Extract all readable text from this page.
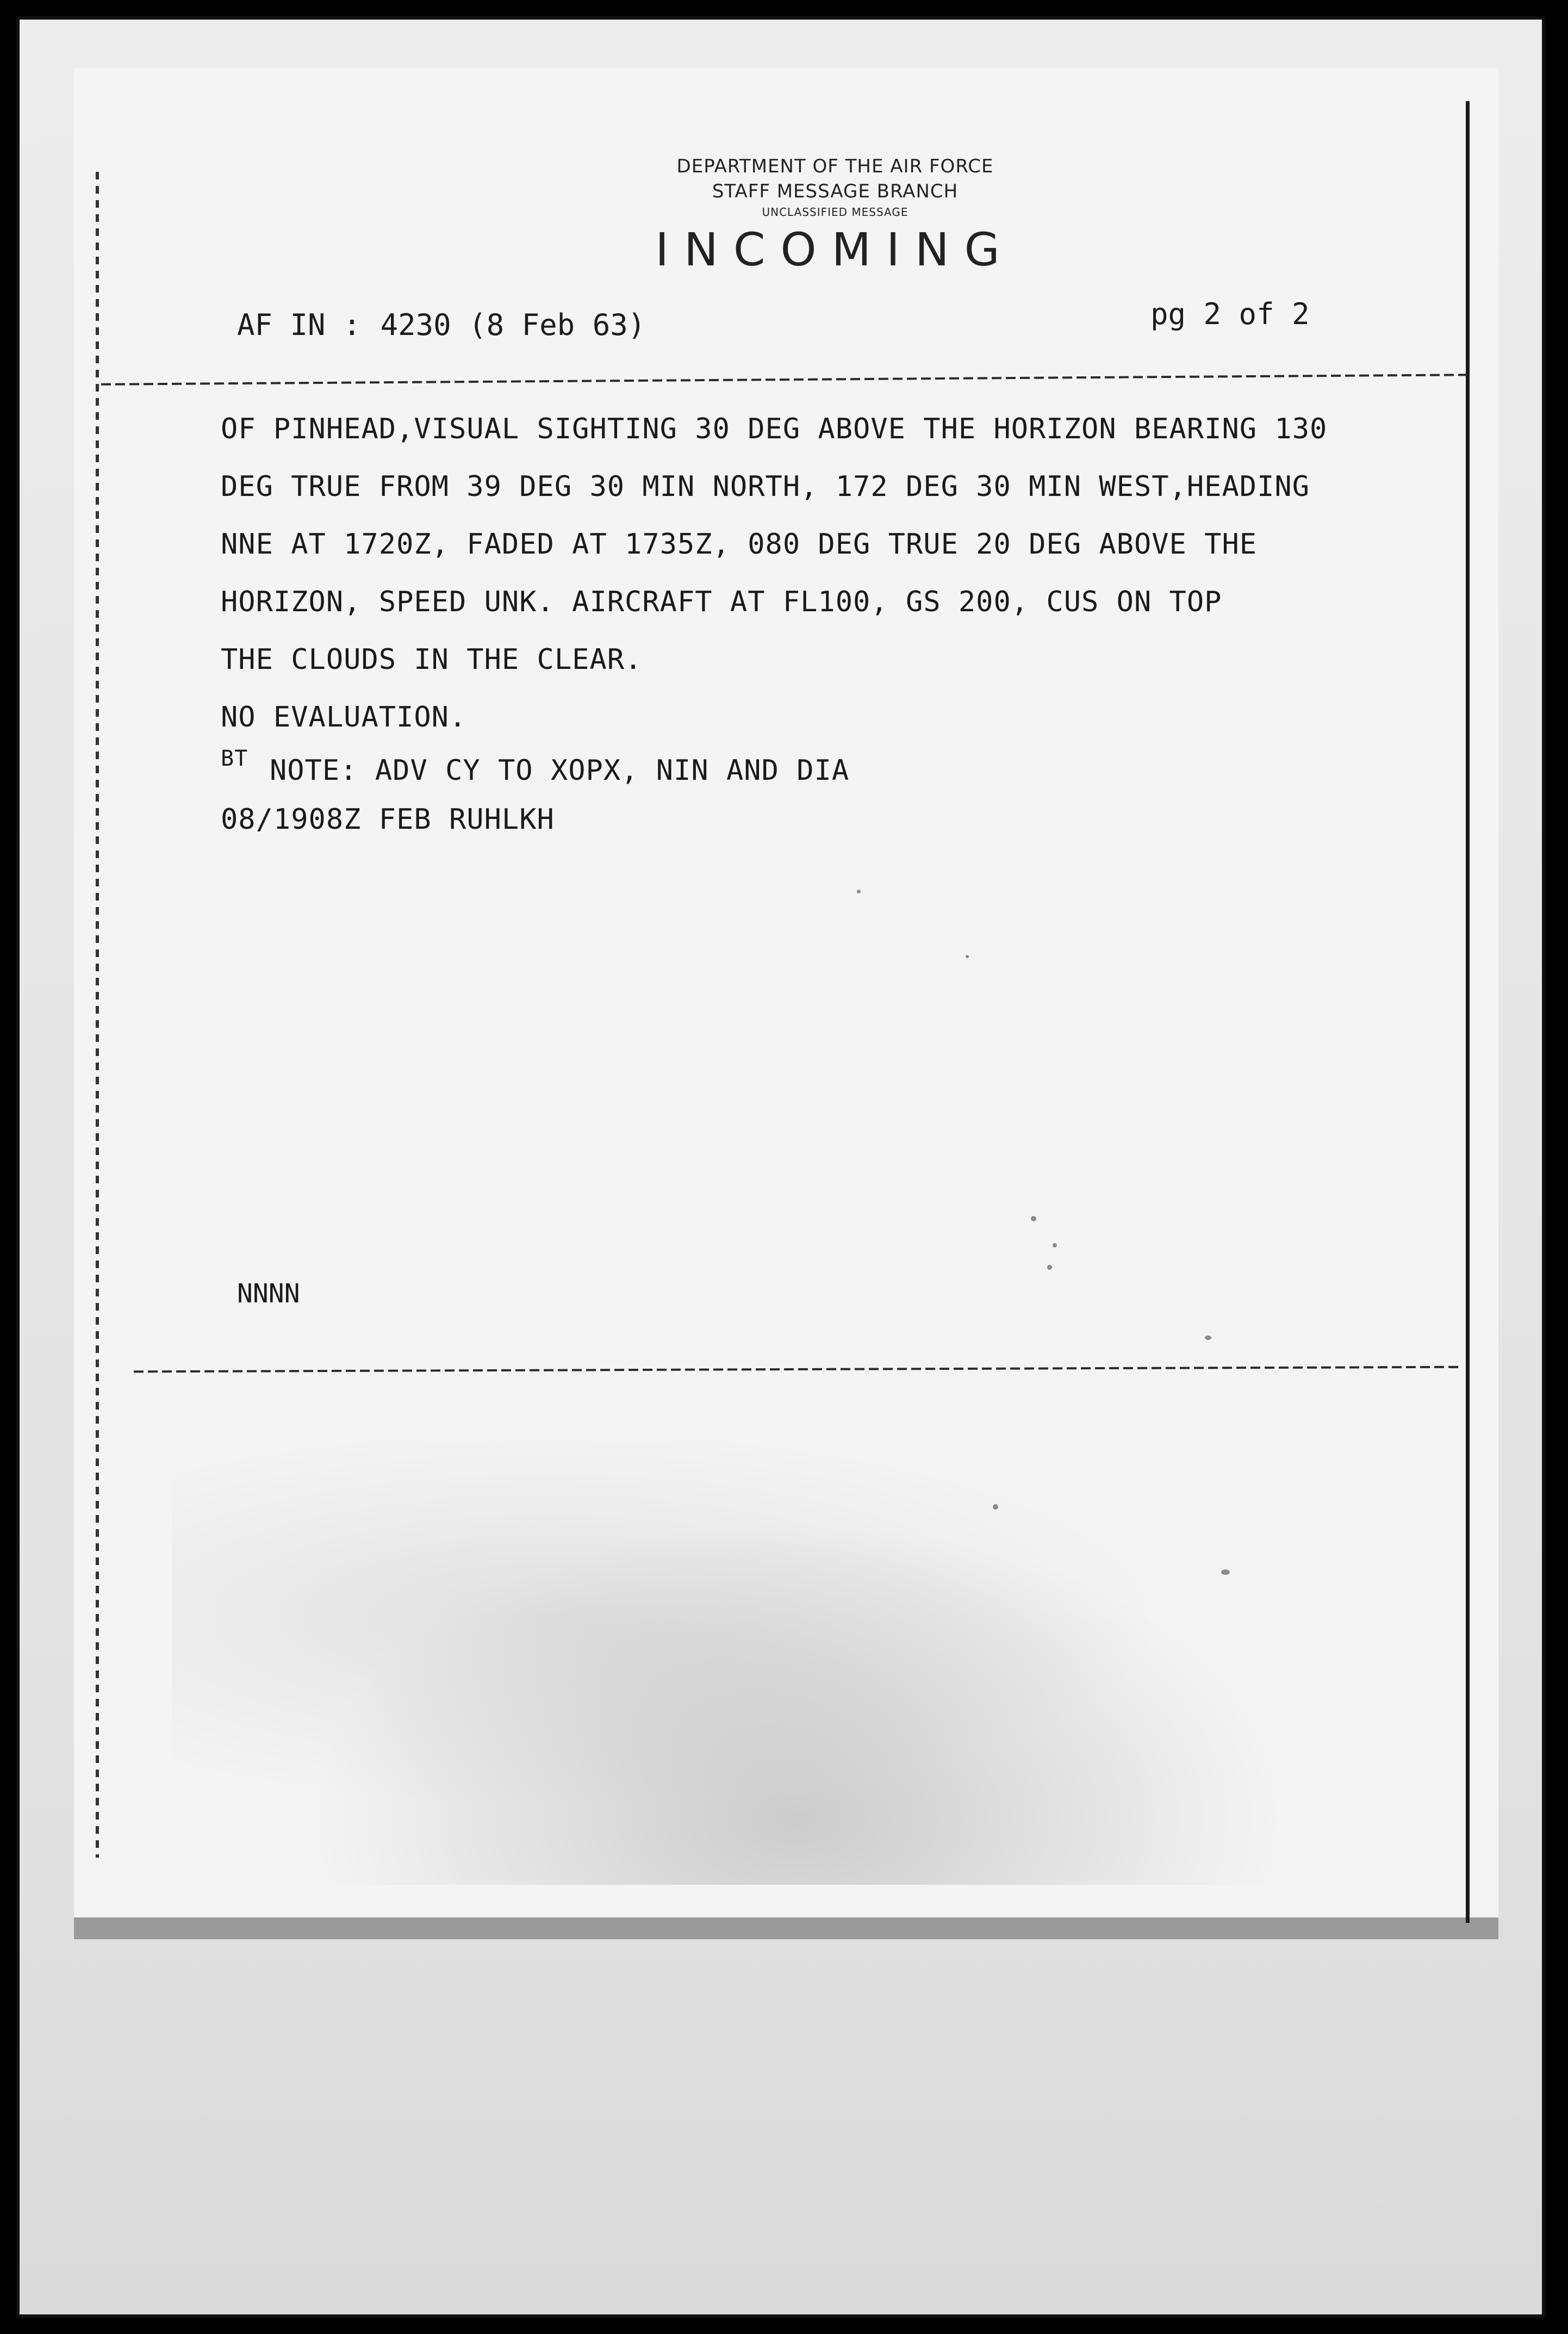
DEPARTMENT OF THE AIR FORCE
STAFF MESSAGE BRANCH
UNCLASSIFIED MESSAGE
INCOMING
AF IN : 4230 (8 Feb 63)	pg 2 of 2
OF PINHEAD,VISUAL SIGHTING 30 DEG ABOVE THE HORIZON BEARING 130
DEG TRUE FROM 39 DEG 30 MIN NORTH, 172 DEG 30 MIN WEST,HEADING
NNE AT 1720Z, FADED AT 1735Z, 080 DEG TRUE 20 DEG ABOVE THE
HORIZON, SPEED UNK. AIRCRAFT AT FL100, GS 200, CUS ON TOP
THE CLOUDS IN THE CLEAR.
NO EVALUATION.
BT NOTE: ADV CY TO XOPX, NIN AND DIA
08/1908Z FEB RUHLKH
NNNN
